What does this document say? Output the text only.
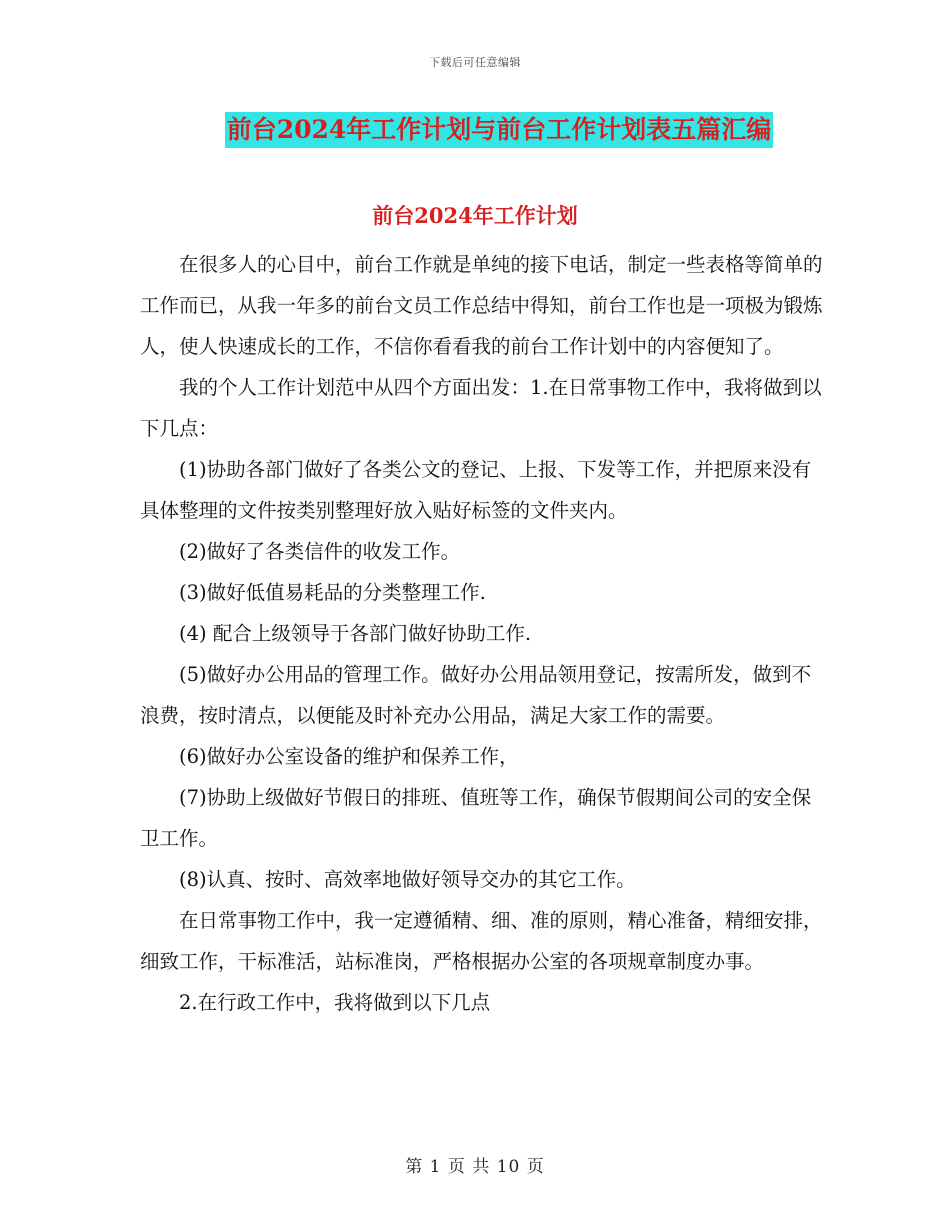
下载后可任意编辑
前台2024年工作计划与前台工作计划表五篇汇编
前台2024年工作计划

在很多人的心目中，前台工作就是单纯的接下电话，制定一些表格等简单的工作而已，从我一年多的前台文员工作总结中得知，前台工作也是一项极为锻炼人，使人快速成长的工作，不信你看看我的前台工作计划中的内容便知了。

我的个人工作计划范中从四个方面出发：1.在日常事物工作中，我将做到以下几点：

(1)协助各部门做好了各类公文的登记、上报、下发等工作，并把原来没有具体整理的文件按类别整理好放入贴好标签的文件夹内。

(2)做好了各类信件的收发工作。

(3)做好低值易耗品的分类整理工作.

(4) 配合上级领导于各部门做好协助工作.

(5)做好办公用品的管理工作。做好办公用品领用登记，按需所发，做到不浪费，按时清点，以便能及时补充办公用品，满足大家工作的需要。

(6)做好办公室设备的维护和保养工作，

(7)协助上级做好节假日的排班、值班等工作，确保节假期间公司的安全保卫工作。

(8)认真、按时、高效率地做好领导交办的其它工作。

在日常事物工作中，我一定遵循精、细、准的原则，精心准备，精细安排，细致工作，干标准活，站标准岗，严格根据办公室的各项规章制度办事。

2.在行政工作中，我将做到以下几点

第 1 页 共 10 页
